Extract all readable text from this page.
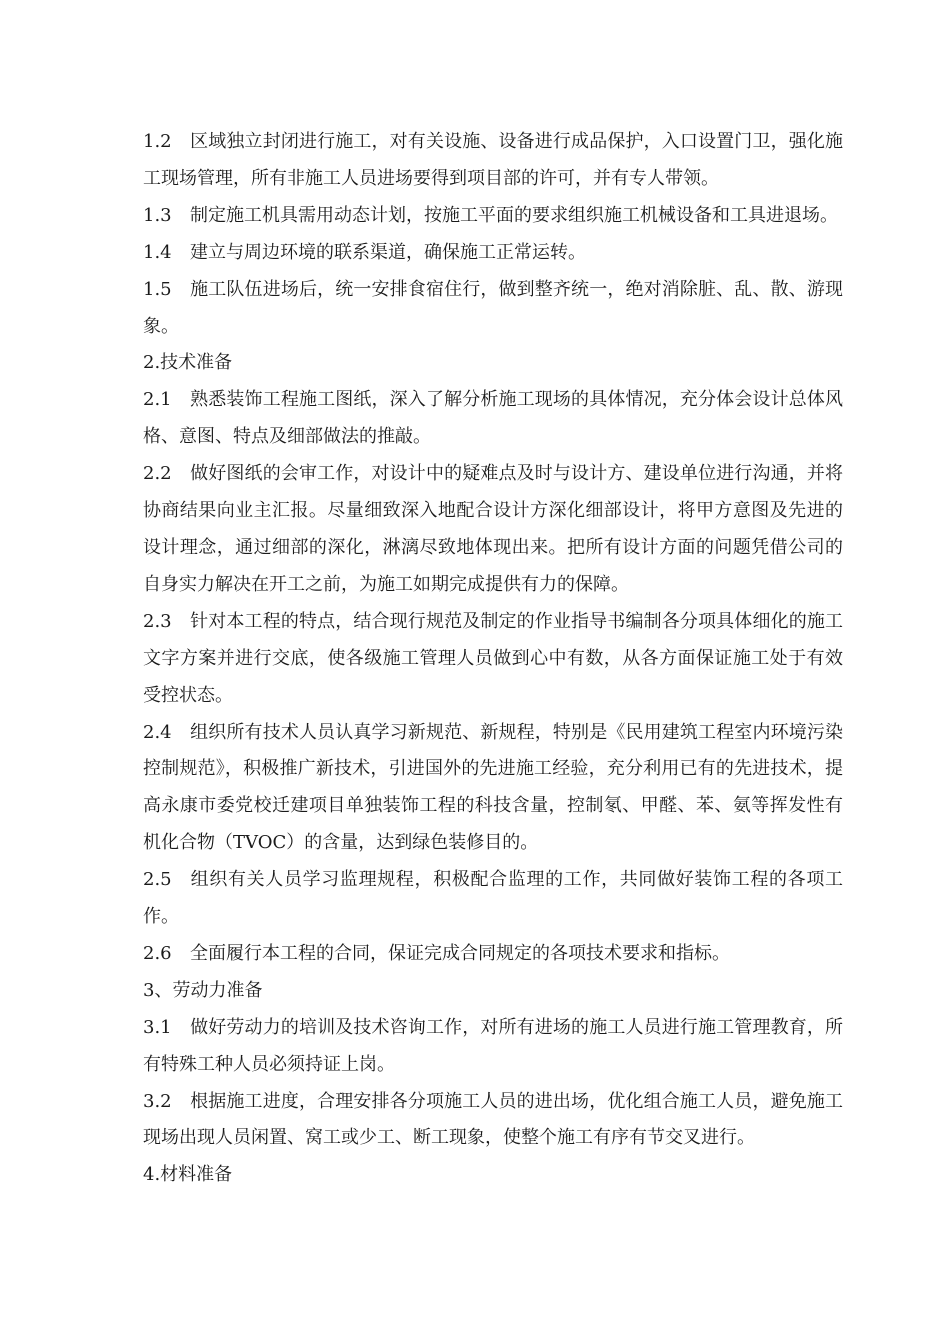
1.2 区域独立封闭进行施工，对有关设施、设备进行成品保护，入口设置门卫，强化施工现场管理，所有非施工人员进场要得到项目部的许可，并有专人带领。

1.3 制定施工机具需用动态计划，按施工平面的要求组织施工机械设备和工具进退场。

1.4 建立与周边环境的联系渠道，确保施工正常运转。

1.5 施工队伍进场后，统一安排食宿住行，做到整齐统一，绝对消除脏、乱、散、游现象。

2.技术准备

2.1 熟悉装饰工程施工图纸，深入了解分析施工现场的具体情况，充分体会设计总体风格、意图、特点及细部做法的推敲。

2.2 做好图纸的会审工作，对设计中的疑难点及时与设计方、建设单位进行沟通，并将协商结果向业主汇报。尽量细致深入地配合设计方深化细部设计，将甲方意图及先进的设计理念，通过细部的深化，淋漓尽致地体现出来。把所有设计方面的问题凭借公司的自身实力解决在开工之前，为施工如期完成提供有力的保障。

2.3 针对本工程的特点，结合现行规范及制定的作业指导书编制各分项具体细化的施工文字方案并进行交底，使各级施工管理人员做到心中有数，从各方面保证施工处于有效受控状态。

2.4 组织所有技术人员认真学习新规范、新规程，特别是《民用建筑工程室内环境污染控制规范》，积极推广新技术，引进国外的先进施工经验，充分利用已有的先进技术，提高永康市委党校迁建项目单独装饰工程的科技含量，控制氡、甲醛、苯、氨等挥发性有机化合物（TVOC）的含量，达到绿色装修目的。

2.5 组织有关人员学习监理规程，积极配合监理的工作，共同做好装饰工程的各项工作。

2.6 全面履行本工程的合同，保证完成合同规定的各项技术要求和指标。

3、劳动力准备

3.1 做好劳动力的培训及技术咨询工作，对所有进场的施工人员进行施工管理教育，所有特殊工种人员必须持证上岗。

3.2 根据施工进度，合理安排各分项施工人员的进出场，优化组合施工人员，避免施工现场出现人员闲置、窝工或少工、断工现象，使整个施工有序有节交叉进行。

4.材料准备
